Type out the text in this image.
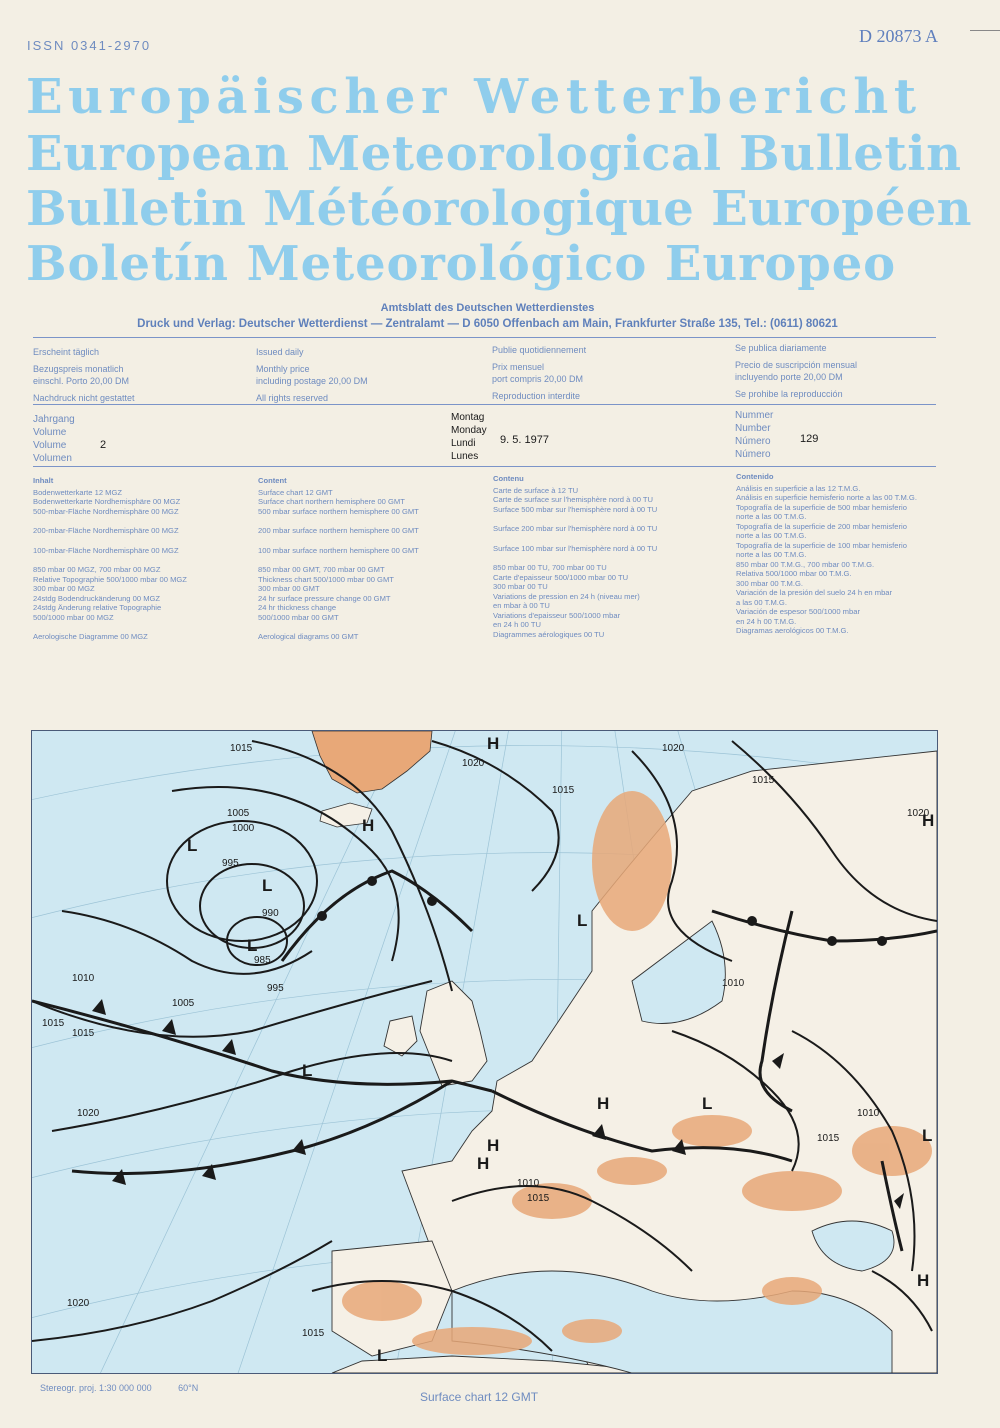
ISSN 0341-2970	D 20873 A
Europäischer Wetterbericht
European Meteorological Bulletin
Bulletin Météorologique Européen
Boletín Meteorológico Europeo
Amtsblatt des Deutschen Wetterdienstes
Druck und Verlag: Deutscher Wetterdienst — Zentralamt — D 6050 Offenbach am Main, Frankfurter Straße 135, Tel.: (0611) 80621
Erscheint täglich
Bezugspreis monatlich
einschl. Porto 20,00 DM
Nachdruck nicht gestattet
Issued daily
Monthly price
including postage 20,00 DM
All rights reserved
Publie quotidiennement
Prix mensuel
port compris 20,00 DM
Reproduction interdite
Se publica diariamente
Precio de suscripción mensual
incluyendo porte 20,00 DM
Se prohibe la reproducción
Jahrgang
Volume
Volume
Volumen
2
Montag
Monday
Lundi
Lunes
9. 5. 1977
Nummer
Number
Número
Número
129
Inhalt
Bodenwetterkarte 12 MGZ
Bodenwetterkarte Nordhemisphäre 00 MGZ
500-mbar-Fläche Nordhemisphäre 00 MGZ
200-mbar-Fläche Nordhemisphäre 00 MGZ
100-mbar-Fläche Nordhemisphäre 00 MGZ
850 mbar 00 MGZ, 700 mbar 00 MGZ
Relative Topographie 500/1000 mbar 00 MGZ
300 mbar 00 MGZ
24stdg Bodendruckänderung 00 MGZ
24stdg Änderung relative Topographie
500/1000 mbar 00 MGZ
Aerologische Diagramme 00 MGZ
Content
Surface chart 12 GMT
Surface chart northern hemisphere 00 GMT
500 mbar surface northern hemisphere 00 GMT
200 mbar surface northern hemisphere 00 GMT
100 mbar surface northern hemisphere 00 GMT
850 mbar 00 GMT, 700 mbar 00 GMT
Thickness chart 500/1000 mbar 00 GMT
300 mbar 00 GMT
24 hr surface pressure change 00 GMT
24 hr thickness change
500/1000 mbar 00 GMT
Aerological diagrams 00 GMT
Contenu
Carte de surface à 12 TU
Carte de surface sur l'hemisphère nord à 00 TU
Surface 500 mbar sur l'hemisphère nord à 00 TU
Surface 200 mbar sur l'hemisphère nord à 00 TU
Surface 100 mbar sur l'hemisphère nord à 00 TU
850 mbar 00 TU, 700 mbar 00 TU
Carte d'epaisseur 500/1000 mbar 00 TU
300 mbar 00 TU
Variations de pression en 24 h (niveau mer)
en mbar à 00 TU
Variations d'epaisseur 500/1000 mbar
en 24 h 00 TU
Diagrammes aérologiques 00 TU
Contenido
Análisis en superficie a las 12 T.M.G.
Análisis en superficie hemisferio norte a las 00 T.M.G.
Topografía de la superficie de 500 mbar hemisferio
norte a las 00 T.M.G.
Topografía de la superficie de 200 mbar hemisferio
norte a las 00 T.M.G.
Topografía de la superficie de 100 mbar hemisferio
norte a las 00 T.M.G.
850 mbar 00 T.M.G., 700 mbar 00 T.M.G.
Relativa 500/1000 mbar 00 T.M.G.
300 mbar 00 T.M.G.
Variación de la presión del suelo 24 h en mbar
a las 00 T.M.G.
Variación de espesor 500/1000 mbar
en 24 h 00 T.M.G.
Diagramas aerológicos 00 T.M.G.
H
L
L
L
H
L
H
L
H
H
H
L
L
H
L
1015
1020
1005
1000
995
990
985
995
1010
1015
1020
1015
1005
1010
1015
1020
1020
1015
1015
1010
1010
1015
1020
1015
Stereogr. proj. 1:30 000 000	60°N
Surface chart 12 GMT
